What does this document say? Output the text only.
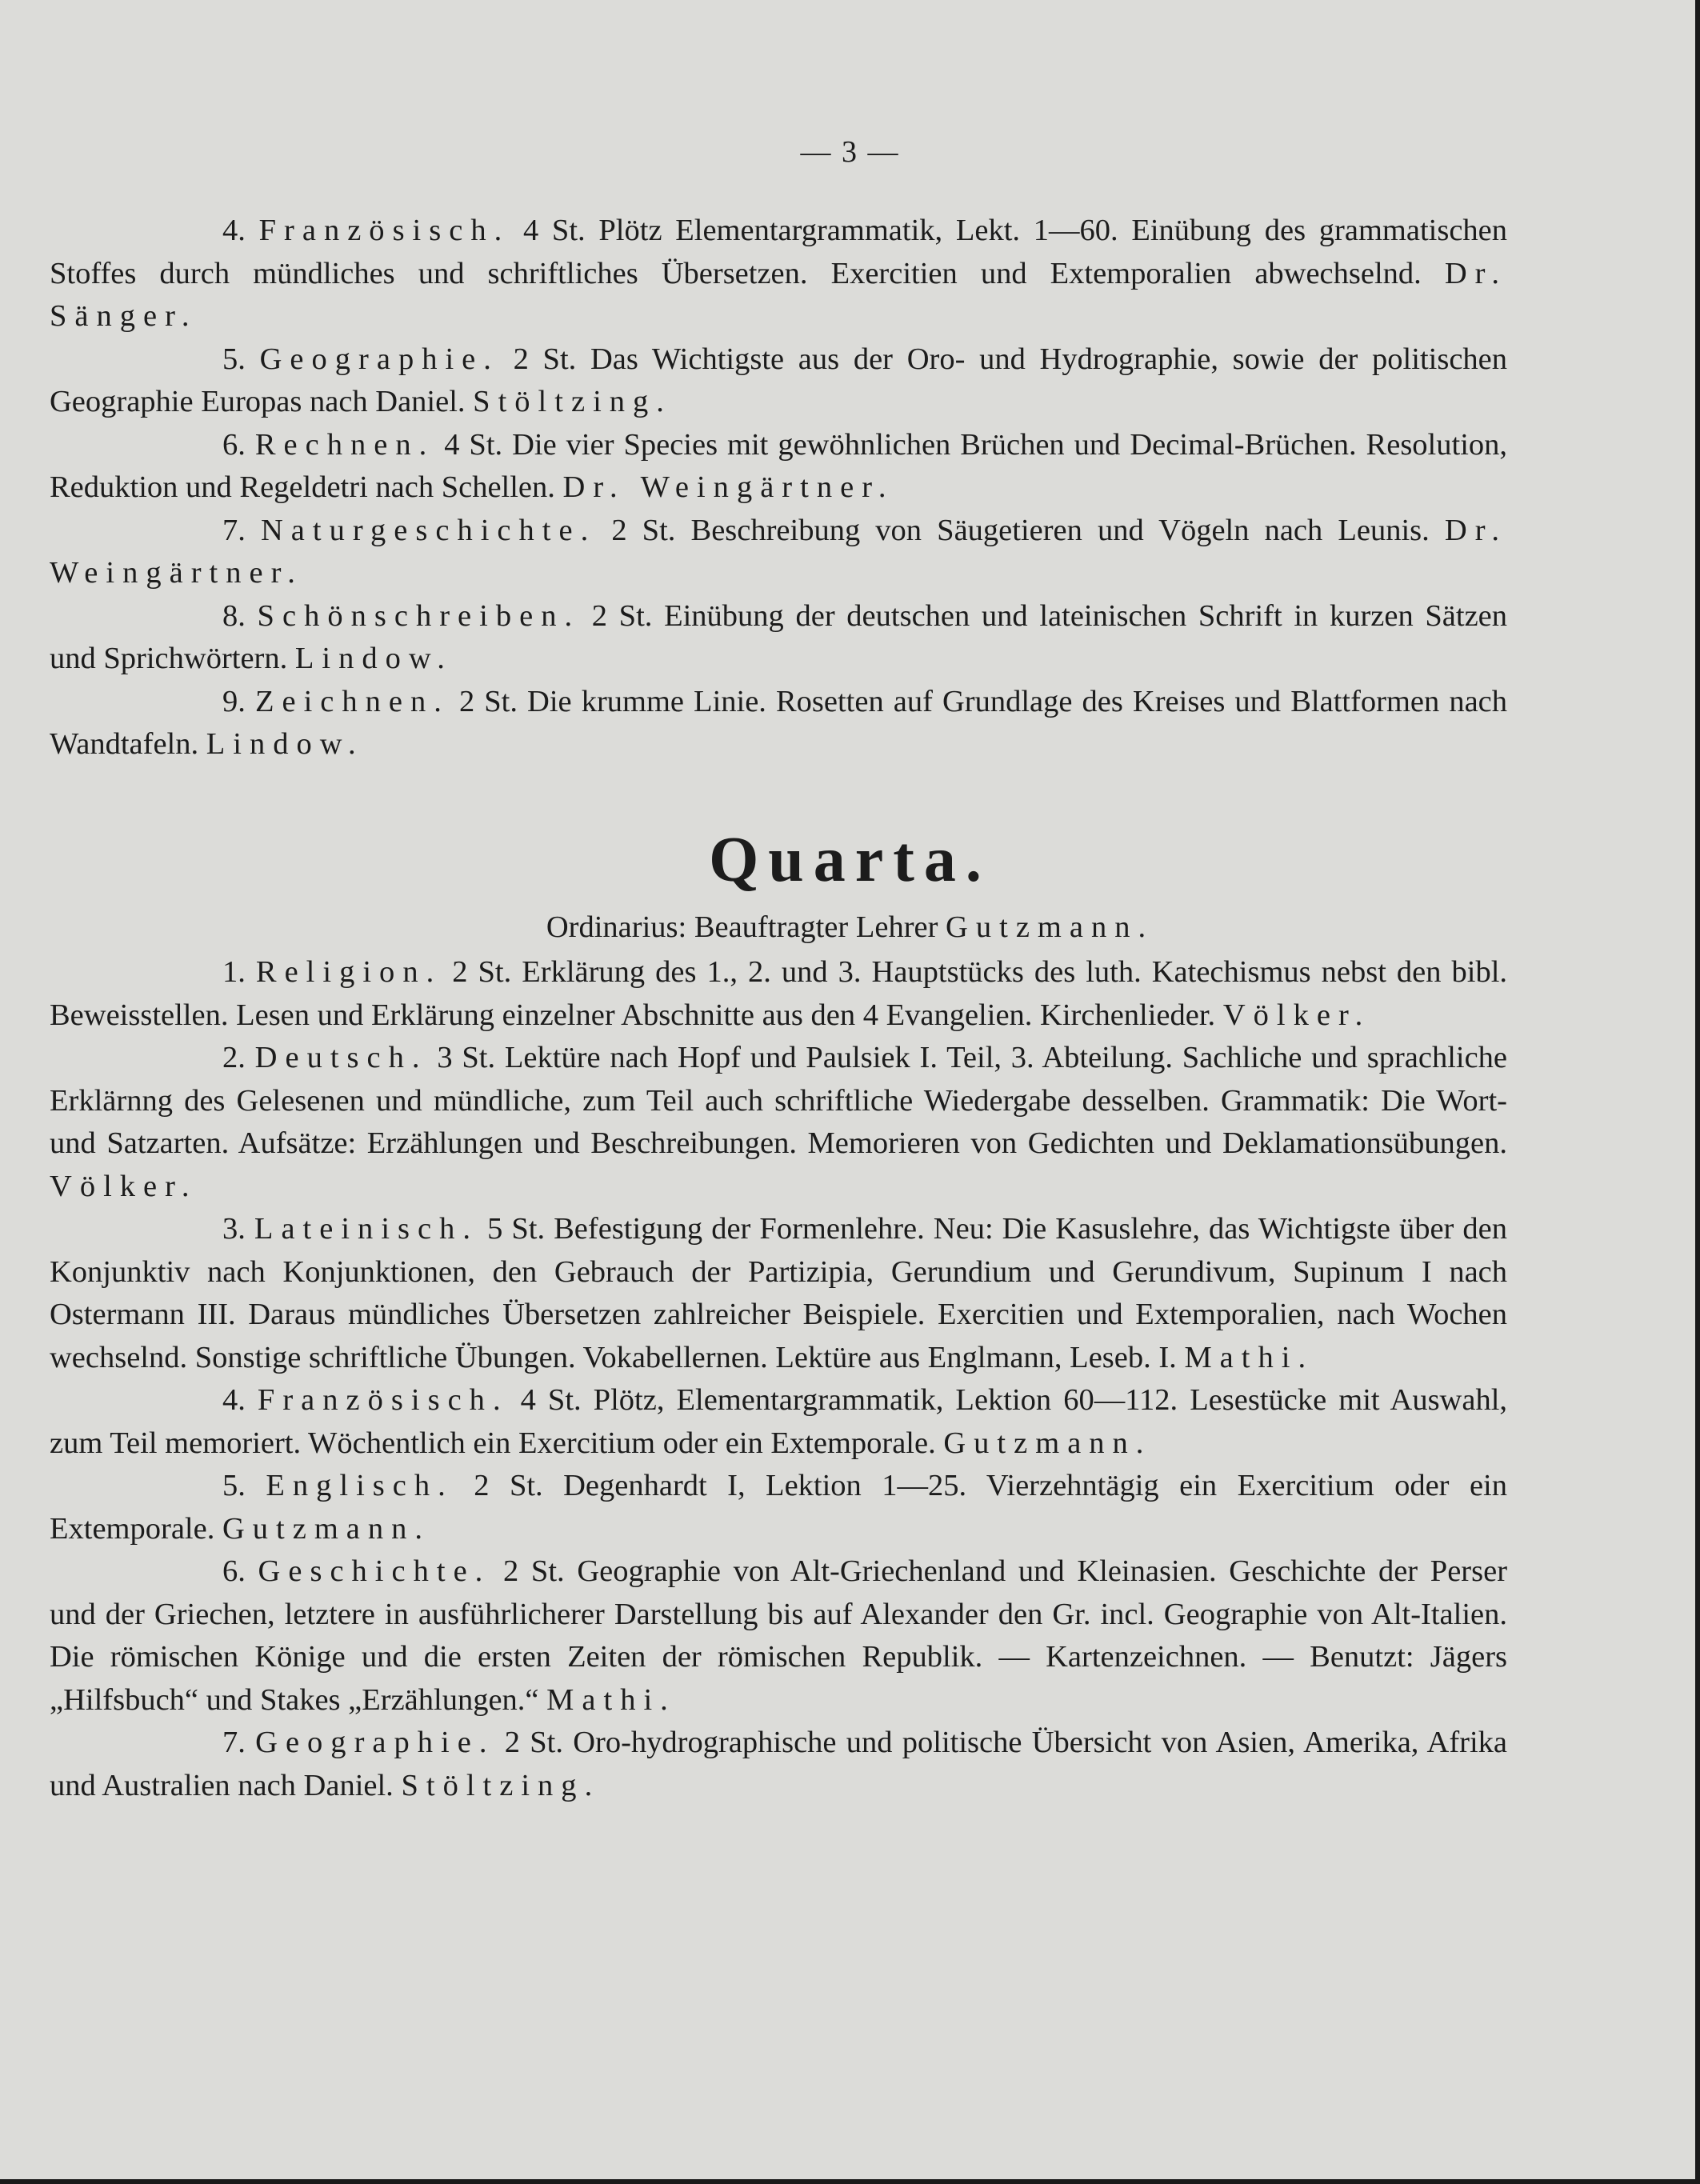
— 3 —

4. Französisch. 4 St. Plötz Elementargrammatik, Lekt. 1—60. Einübung des grammatischen Stoffes durch mündliches und schriftliches Übersetzen. Exercitien und Extemporalien abwechselnd. Dr. Sänger.

5. Geographie. 2 St. Das Wichtigste aus der Oro- und Hydrographie, sowie der politischen Geographie Europas nach Daniel. Stöltzing.

6. Rechnen. 4 St. Die vier Species mit gewöhnlichen Brüchen und Decimal-Brüchen. Resolution, Reduktion und Regeldetri nach Schellen. Dr. Weingärtner.

7. Naturgeschichte. 2 St. Beschreibung von Säugetieren und Vögeln nach Leunis. Dr. Weingärtner.

8. Schönschreiben. 2 St. Einübung der deutschen und lateinischen Schrift in kurzen Sätzen und Sprichwörtern. Lindow.

9. Zeichnen. 2 St. Die krumme Linie. Rosetten auf Grundlage des Kreises und Blattformen nach Wandtafeln. Lindow.

Quarta.
Ordinarius: Beauftragter Lehrer Gutzmann.

1. Religion. 2 St. Erklärung des 1., 2. und 3. Hauptstücks des luth. Katechismus nebst den bibl. Beweisstellen. Lesen und Erklärung einzelner Abschnitte aus den 4 Evangelien. Kirchenlieder. Völker.

2. Deutsch. 3 St. Lektüre nach Hopf und Paulsiek I. Teil, 3. Abteilung. Sachliche und sprachliche Erklärnng des Gelesenen und mündliche, zum Teil auch schriftliche Wiedergabe desselben. Grammatik: Die Wort- und Satzarten. Aufsätze: Erzählungen und Beschreibungen. Memorieren von Gedichten und Deklamationsübungen. Völker.

3. Lateinisch. 5 St. Befestigung der Formenlehre. Neu: Die Kasuslehre, das Wichtigste über den Konjunktiv nach Konjunktionen, den Gebrauch der Partizipia, Gerundium und Gerundivum, Supinum I nach Ostermann III. Daraus mündliches Übersetzen zahlreicher Beispiele. Exercitien und Extemporalien, nach Wochen wechselnd. Sonstige schriftliche Übungen. Vokabellernen. Lektüre aus Englmann, Leseb. I. Mathi.

4. Französisch. 4 St. Plötz, Elementargrammatik, Lektion 60—112. Lesestücke mit Auswahl, zum Teil memoriert. Wöchentlich ein Exercitium oder ein Extemporale. Gutzmann.

5. Englisch. 2 St. Degenhardt I, Lektion 1—25. Vierzehntägig ein Exercitium oder ein Extemporale. Gutzmann.

6. Geschichte. 2 St. Geographie von Alt-Griechenland und Kleinasien. Geschichte der Perser und der Griechen, letztere in ausführlicherer Darstellung bis auf Alexander den Gr. incl. Geographie von Alt-Italien. Die römischen Könige und die ersten Zeiten der römischen Republik. — Kartenzeichnen. — Benutzt: Jägers „Hilfsbuch“ und Stakes „Erzählungen.“ Mathi.

7. Geographie. 2 St. Oro-hydrographische und politische Übersicht von Asien, Amerika, Afrika und Australien nach Daniel. Stöltzing.
